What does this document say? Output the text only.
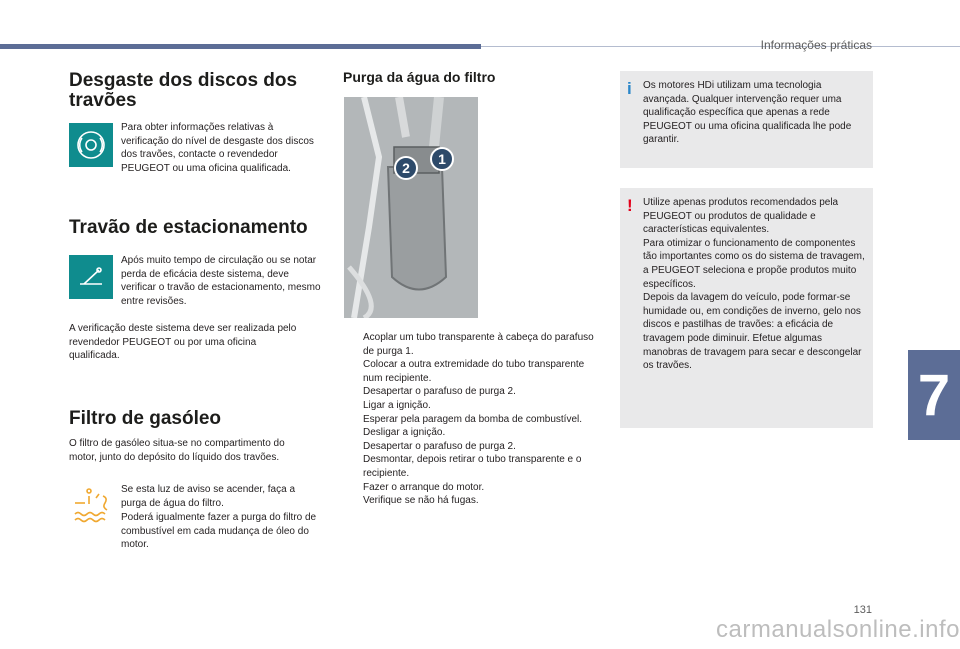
Informações práticas
7
Desgaste dos discos dos travões

Para obter informações relativas à verificação do nível de desgaste dos discos dos travões, contacte o revendedor PEUGEOT ou uma oficina qualificada.

Travão de estacionamento

Após muito tempo de circulação ou se notar perda de eficácia deste sistema, deve verificar o travão de estacionamento, mesmo entre revisões.

A verificação deste sistema deve ser realizada pelo revendedor PEUGEOT ou por uma oficina qualificada.

Filtro de gasóleo

O filtro de gasóleo situa-se no compartimento do motor, junto do depósito do líquido dos travões.

Se esta luz de aviso se acender, faça a purga de água do filtro.

Poderá igualmente fazer a purga do filtro de combustível em cada mudança de óleo do motor.

Purga da água do filtro
2
1
Acoplar um tubo transparente à cabeça do parafuso de purga 1.
Colocar a outra extremidade do tubo transparente num recipiente.
Desapertar o parafuso de purga 2.
Ligar a ignição.
Esperar pela paragem da bomba de combustível.
Desligar a ignição.
Desapertar o parafuso de purga 2.
Desmontar, depois retirar o tubo transparente e o recipiente.
Fazer o arranque do motor.
Verifique se não há fugas.
i Os motores HDi utilizam uma tecnologia avançada. Qualquer intervenção requer uma qualificação específica que apenas a rede PEUGEOT ou uma oficina qualificada lhe pode garantir.

! Utilize apenas produtos recomendados pela PEUGEOT ou produtos de qualidade e características equivalentes.

Para otimizar o funcionamento de componentes tão importantes como os do sistema de travagem, a PEUGEOT seleciona e propõe produtos muito específicos.

Depois da lavagem do veículo, pode formar-se humidade ou, em condições de inverno, gelo nos discos e pastilhas de travões: a eficácia de travagem pode diminuir. Efetue algumas manobras de travagem para secar e descongelar os travões.

131
carmanualsonline.info
